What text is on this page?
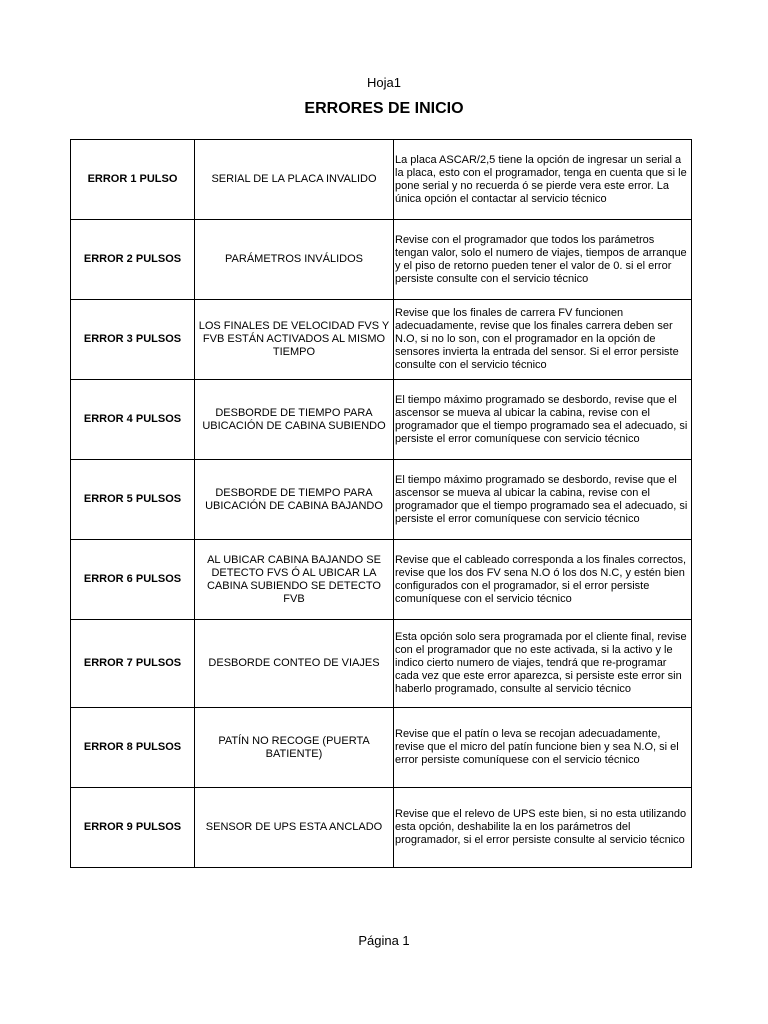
Hoja1
ERRORES DE INICIO
ERROR 1 PULSO	SERIAL DE LA PLACA INVALIDO	La placa ASCAR/2,5 tiene la opción de ingresar un serial a la placa, esto con el programador, tenga en cuenta que si le pone serial y no recuerda ó se pierde vera este error. La única opción el contactar al servicio técnico
ERROR 2 PULSOS	PARÁMETROS INVÁLIDOS	Revise con el programador que todos los parámetros tengan valor, solo el numero de viajes, tiempos de arranque y el piso de retorno pueden tener el valor de 0. si el error persiste consulte con el servicio técnico
ERROR 3 PULSOS	LOS FINALES DE VELOCIDAD FVS Y FVB ESTÁN ACTIVADOS AL MISMO TIEMPO	Revise que los finales de carrera FV funcionen adecuadamente, revise que los finales carrera deben ser N.O, si no lo son, con el programador en la opción de sensores invierta la entrada del sensor. Si el error persiste consulte con el servicio técnico
ERROR 4 PULSOS	DESBORDE DE TIEMPO PARA UBICACIÓN DE CABINA SUBIENDO	El tiempo máximo programado se desbordo, revise que el ascensor se mueva al ubicar la cabina, revise con el programador que el tiempo programado sea el adecuado, si persiste el error comuníquese con servicio técnico
ERROR 5 PULSOS	DESBORDE DE TIEMPO PARA UBICACIÓN DE CABINA BAJANDO	El tiempo máximo programado se desbordo, revise que el ascensor se mueva al ubicar la cabina, revise con el programador que el tiempo programado sea el adecuado, si persiste el error comuníquese con servicio técnico
ERROR 6 PULSOS	AL UBICAR CABINA BAJANDO SE DETECTO FVS Ó AL UBICAR LA CABINA SUBIENDO SE DETECTO FVB	Revise que el cableado corresponda a los finales correctos, revise que los dos FV sena N.O ó los dos N.C, y estén bien configurados con el programador, si el error persiste comuníquese con el servicio técnico
ERROR 7 PULSOS	DESBORDE CONTEO DE VIAJES	Esta opción solo sera programada por el cliente final, revise con el programador que no este activada, si la activo y le indico cierto numero de viajes, tendrá que re-programar cada vez que este error aparezca, si persiste este error sin haberlo programado, consulte al servicio técnico
ERROR 8 PULSOS	PATÍN NO RECOGE (PUERTA BATIENTE)	Revise que el patín o leva se recojan adecuadamente, revise que el micro del patín funcione bien y sea N.O, si el error persiste comuníquese con el servicio técnico
ERROR 9 PULSOS	SENSOR DE UPS ESTA ANCLADO	Revise que el relevo de UPS este bien, si no esta utilizando esta opción, deshabilite la en los parámetros del programador, si el error persiste consulte al servicio técnico
Página 1
